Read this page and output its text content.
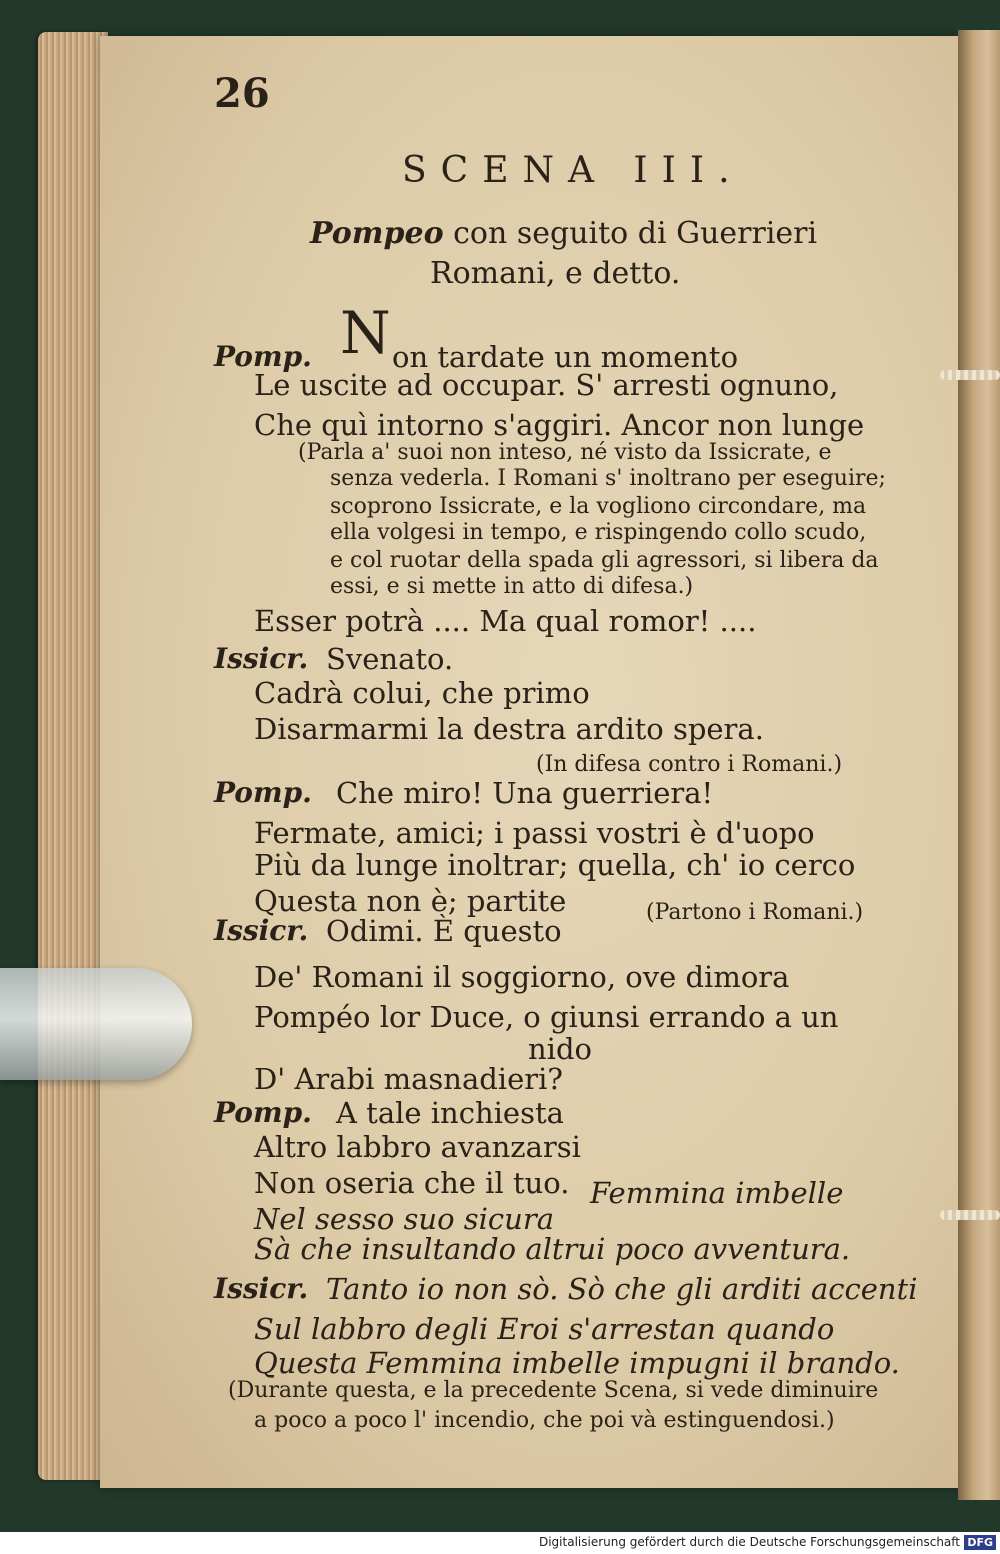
26
SCENA III.
Pompeo con seguito di Guerrieri
Romani, e detto.
Pomp. N on tardate un momento
Le uscite ad occupar. S' arresti ognuno,
Che quì intorno s'aggiri. Ancor non lunge
(Parla a' suoi non inteso, né visto da Issicrate, e
senza vederla. I Romani s' inoltrano per eseguire;
scoprono Issicrate, e la vogliono circondare, ma
ella volgesi in tempo, e rispingendo collo scudo,
e col ruotar della spada gli agressori, si libera da
essi, e si mette in atto di difesa.)
Esser potrà .... Ma qual romor! ....
Issicr. Svenato.
Cadrà colui, che primo
Disarmarmi la destra ardito spera.
(In difesa contro i Romani.)
Pomp. Che miro! Una guerriera!
Fermate, amici; i passi vostri è d'uopo
Più da lunge inoltrar; quella, ch' io cerco
Questa non è; partite	(Partono i Romani.)
Issicr. Odimi. È questo
De' Romani il soggiorno, ove dimora
Pompéo lor Duce, o giunsi errando a un
nido
D' Arabi masnadieri?
Pomp. A tale inchiesta
Altro labbro avanzarsi
Non oseria che il tuo. Femmina imbelle
Nel sesso suo sicura
Sà che insultando altrui poco avventura.
Issicr. Tanto io non sò. Sò che gli arditi accenti
Sul labbro degli Eroi s'arrestan quando
Questa Femmina imbelle impugni il brando.
(Durante questa, e la precedente Scena, si vede diminuire
a poco a poco l' incendio, che poi và estinguendosi.)
Digitalisierung gefördert durch die Deutsche Forschungsgemeinschaft DFG
